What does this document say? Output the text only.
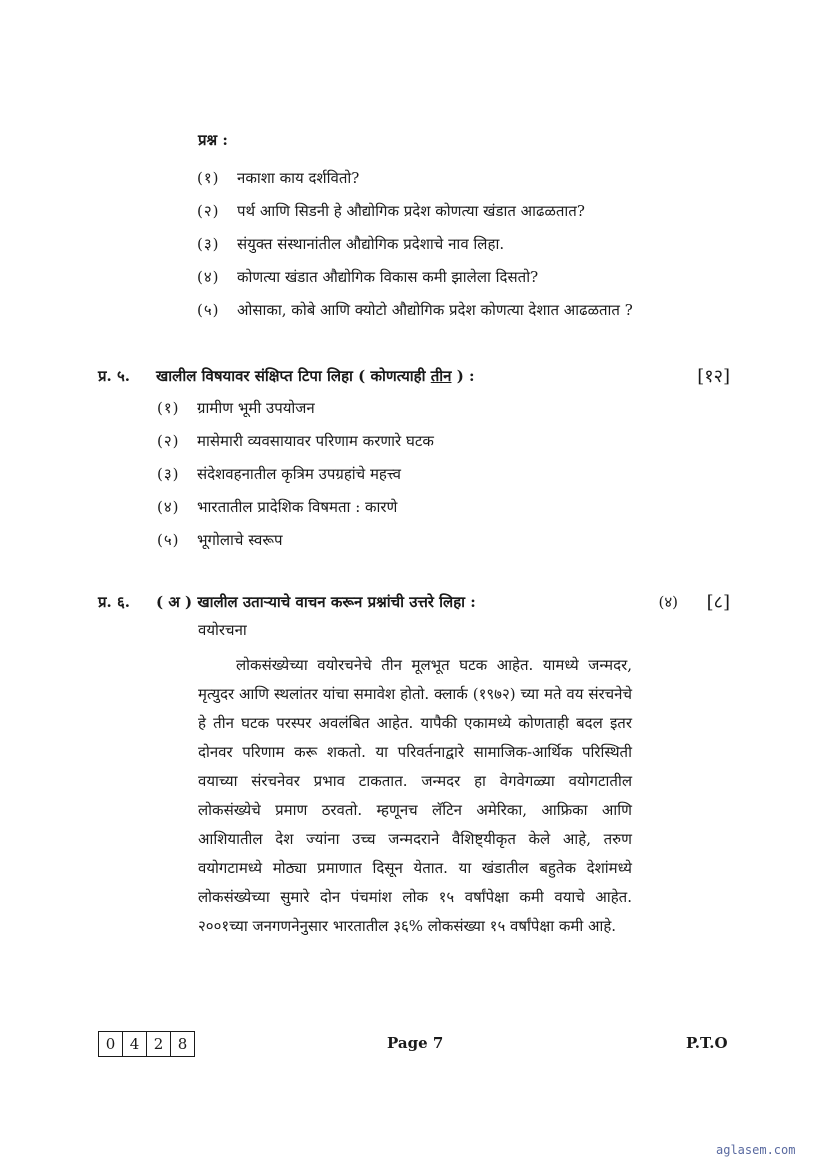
प्रश्न :
(१)	नकाशा काय दर्शवितो?
(२)	पर्थ आणि सिडनी हे औद्योगिक प्रदेश कोणत्या खंडात आढळतात?
(३)	संयुक्त संस्थानांतील औद्योगिक प्रदेशाचे नाव लिहा.
(४)	कोणत्या खंडात औद्योगिक विकास कमी झालेला दिसतो?
(५)	ओसाका, कोबे आणि क्योटो औद्योगिक प्रदेश कोणत्या देशात आढळतात ?
प्र. ५. खालील विषयावर संक्षिप्त टिपा लिहा ( कोणत्याही तीन ) :	[१२]
(१)	ग्रामीण भूमी उपयोजन
(२)	मासेमारी व्यवसायावर परिणाम करणारे घटक
(३)	संदेशवहनातील कृत्रिम उपग्रहांचे महत्त्व
(४)	भारतातील प्रादेशिक विषमता : कारणे
(५)	भूगोलाचे स्वरूप
प्र. ६. ( अ ) खालील उताऱ्याचे वाचन करून प्रश्नांची उत्तरे लिहा :	(४) [८]
वयोरचना
लोकसंख्येच्या वयोरचनेचे तीन मूलभूत घटक आहेत. यामध्ये जन्मदर, मृत्युदर आणि स्थलांतर यांचा समावेश होतो. क्लार्क (१९७२) च्या मते वय संरचनेचे हे तीन घटक परस्पर अवलंबित आहेत. यापैकी एकामध्ये कोणताही बदल इतर दोनवर परिणाम करू शकतो. या परिवर्तनाद्वारे सामाजिक-आर्थिक परिस्थिती वयाच्या संरचनेवर प्रभाव टाकतात. जन्मदर हा वेगवेगळ्या वयोगटातील लोकसंख्येचे प्रमाण ठरवतो. म्हणूनच लॅटिन अमेरिका, आफ्रिका आणि आशियातील देश ज्यांना उच्च जन्मदराने वैशिष्ट्यीकृत केले आहे, तरुण वयोगटामध्ये मोठ्या प्रमाणात दिसून येतात. या खंडातील बहुतेक देशांमध्ये लोकसंख्येच्या सुमारे दोन पंचमांश लोक १५ वर्षांपेक्षा कमी वयाचे आहेत. २००१च्या जनगणनेनुसार भारतातील ३६% लोकसंख्या १५ वर्षांपेक्षा कमी आहे.
0 4 2 8	Page 7	P.T.O
aglasem.com
